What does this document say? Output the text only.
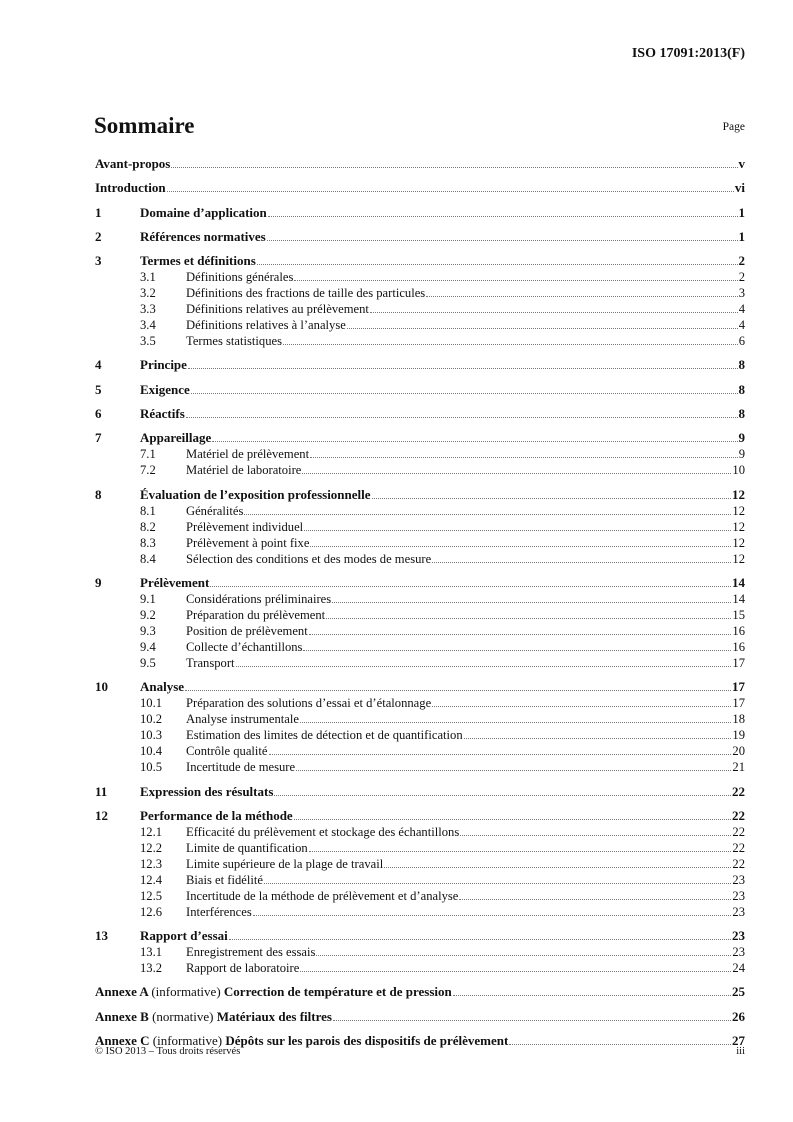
ISO 17091:2013(F)
Sommaire	Page
Avant-propos	v
Introduction	vi
1	Domaine d’application	1
2	Références normatives	1
3	Termes et définitions	2
3.1	Définitions générales	2
3.2	Définitions des fractions de taille des particules	3
3.3	Définitions relatives au prélèvement	4
3.4	Définitions relatives à l’analyse	4
3.5	Termes statistiques	6
4	Principe	8
5	Exigence	8
6	Réactifs	8
7	Appareillage	9
7.1	Matériel de prélèvement	9
7.2	Matériel de laboratoire	10
8	Évaluation de l’exposition professionnelle	12
8.1	Généralités	12
8.2	Prélèvement individuel	12
8.3	Prélèvement à point fixe	12
8.4	Sélection des conditions et des modes de mesure	12
9	Prélèvement	14
9.1	Considérations préliminaires	14
9.2	Préparation du prélèvement	15
9.3	Position de prélèvement	16
9.4	Collecte d’échantillons	16
9.5	Transport	17
10	Analyse	17
10.1	Préparation des solutions d’essai et d’étalonnage	17
10.2	Analyse instrumentale	18
10.3	Estimation des limites de détection et de quantification	19
10.4	Contrôle qualité	20
10.5	Incertitude de mesure	21
11	Expression des résultats	22
12	Performance de la méthode	22
12.1	Efficacité du prélèvement et stockage des échantillons	22
12.2	Limite de quantification	22
12.3	Limite supérieure de la plage de travail	22
12.4	Biais et fidélité	23
12.5	Incertitude de la méthode de prélèvement et d’analyse	23
12.6	Interférences	23
13	Rapport d’essai	23
13.1	Enregistrement des essais	23
13.2	Rapport de laboratoire	24
Annexe A (informative) Correction de température et de pression	25
Annexe B (normative) Matériaux des filtres	26
Annexe C (informative) Dépôts sur les parois des dispositifs de prélèvement	27
© ISO 2013 – Tous droits réservés	iii
